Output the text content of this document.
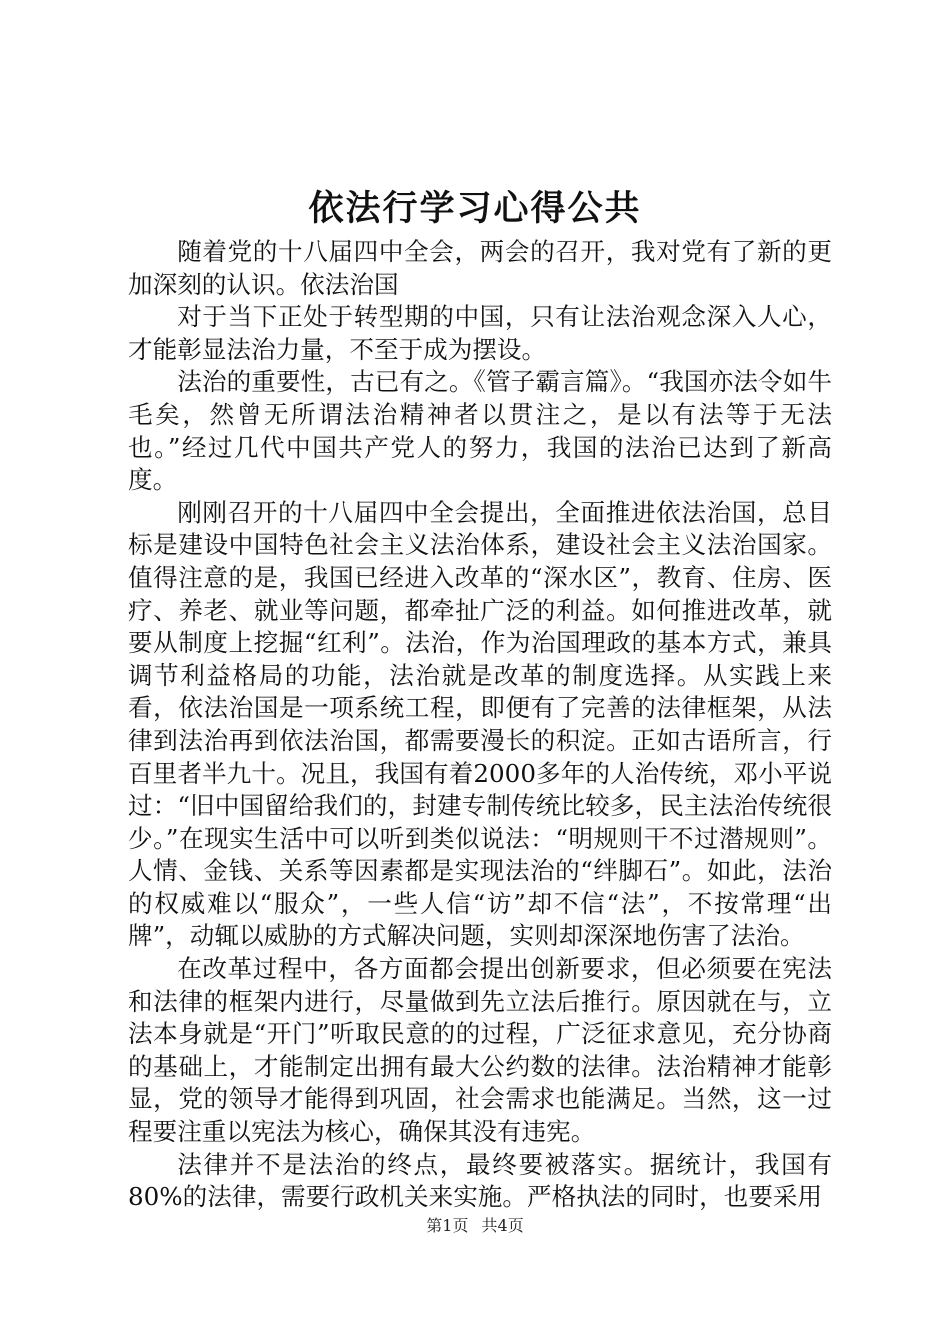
依法行学习心得公共

随着党的十八届四中全会，两会的召开，我对党有了新的更加深刻的认识。依法治国

对于当下正处于转型期的中国，只有让法治观念深入人心，才能彰显法治力量，不至于成为摆设。

法治的重要性，古已有之。《管子霸言篇》。“我国亦法令如牛毛矣，然曾无所谓法治精神者以贯注之，是以有法等于无法也。”经过几代中国共产党人的努力，我国的法治已达到了新高度。

刚刚召开的十八届四中全会提出，全面推进依法治国，总目标是建设中国特色社会主义法治体系，建设社会主义法治国家。值得注意的是，我国已经进入改革的“深水区”，教育、住房、医疗、养老、就业等问题，都牵扯广泛的利益。如何推进改革，就要从制度上挖掘“红利”。法治，作为治国理政的基本方式，兼具调节利益格局的功能，法治就是改革的制度选择。从实践上来看，依法治国是一项系统工程，即便有了完善的法律框架，从法律到法治再到依法治国，都需要漫长的积淀。正如古语所言，行百里者半九十。况且，我国有着2000多年的人治传统，邓小平说过：“旧中国留给我们的，封建专制传统比较多，民主法治传统很少。”在现实生活中可以听到类似说法：“明规则干不过潜规则”。人情、金钱、关系等因素都是实现法治的“绊脚石”。如此，法治的权威难以“服众”，一些人信“访”却不信“法”，不按常理“出牌”，动辄以威胁的方式解决问题，实则却深深地伤害了法治。

在改革过程中，各方面都会提出创新要求，但必须要在宪法和法律的框架内进行，尽量做到先立法后推行。原因就在与，立法本身就是“开门”听取民意的的过程，广泛征求意见，充分协商的基础上，才能制定出拥有最大公约数的法律。法治精神才能彰显，党的领导才能得到巩固，社会需求也能满足。当然，这一过程要注重以宪法为核心，确保其没有违宪。

法律并不是法治的终点，最终要被落实。据统计，我国有80%的法律，需要行政机关来实施。严格执法的同时，也要采用

第1页 共4页
